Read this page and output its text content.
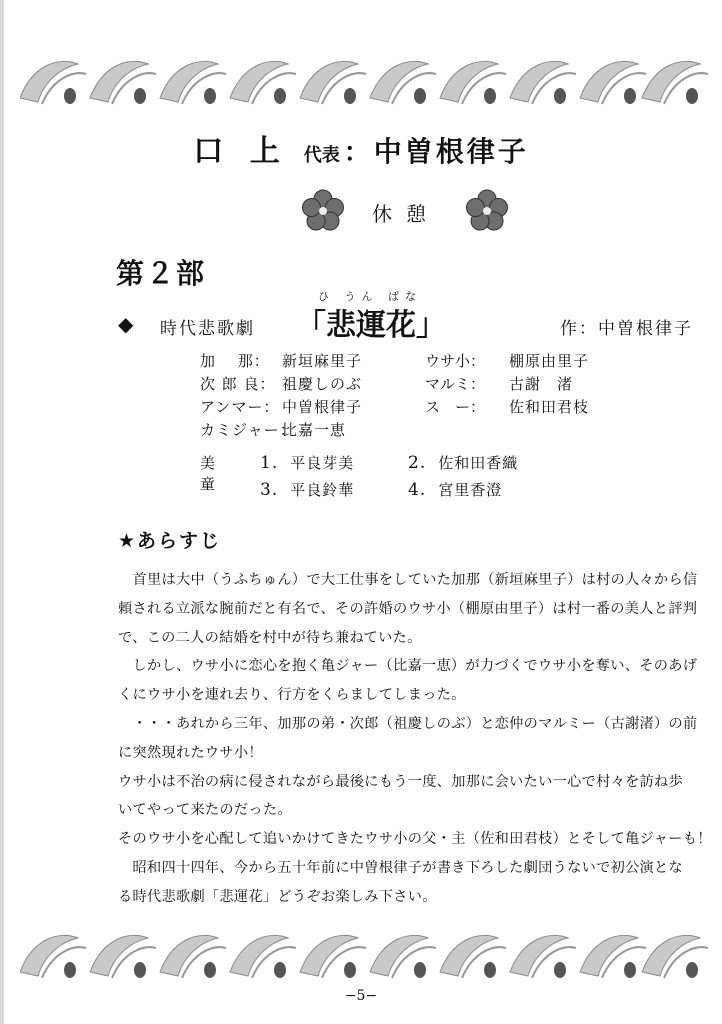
口 上 代表 ： 中曽根律子
休憩
第２部
◆ 時代悲歌劇
ひ うん ばな
「悲運花」	作：中曽根律子
加　 那： 新垣麻里子
次 郎 良： 祖慶しのぶ
アンマー： 中曽根律子
カミジャー：
比嘉一恵
ウサ小：	棚原由里子
マルミ：	古謝　渚
ス　ー：	佐和田君枝
美童
1. 平良芽美	2. 佐和田香織
3. 平良鈴華	4. 宮里香澄
★あらすじ

　首里は大中（うふちゅん）で大工仕事をしていた加那（新垣麻里子）は村の人々から信

頼される立派な腕前だと有名で、その許婚のウサ小（棚原由里子）は村一番の美人と評判

で、この二人の結婚を村中が待ち兼ねていた。

　しかし、ウサ小に恋心を抱く亀ジャー（比嘉一恵）が力づくでウサ小を奪い、そのあげ

くにウサ小を連れ去り、行方をくらましてしまった。

　・・・あれから三年、加那の弟・次郎（祖慶しのぶ）と恋仲のマルミー（古謝渚）の前

に突然現れたウサ小！

ウサ小は不治の病に侵されながら最後にもう一度、加那に会いたい一心で村々を訪ね歩

いてやって来たのだった。

そのウサ小を心配して追いかけてきたウサ小の父・主（佐和田君枝）とそして亀ジャーも！

　昭和四十四年、今から五十年前に中曽根律子が書き下ろした劇団うないで初公演とな

る時代悲歌劇「悲運花」どうぞお楽しみ下さい。

−5−
